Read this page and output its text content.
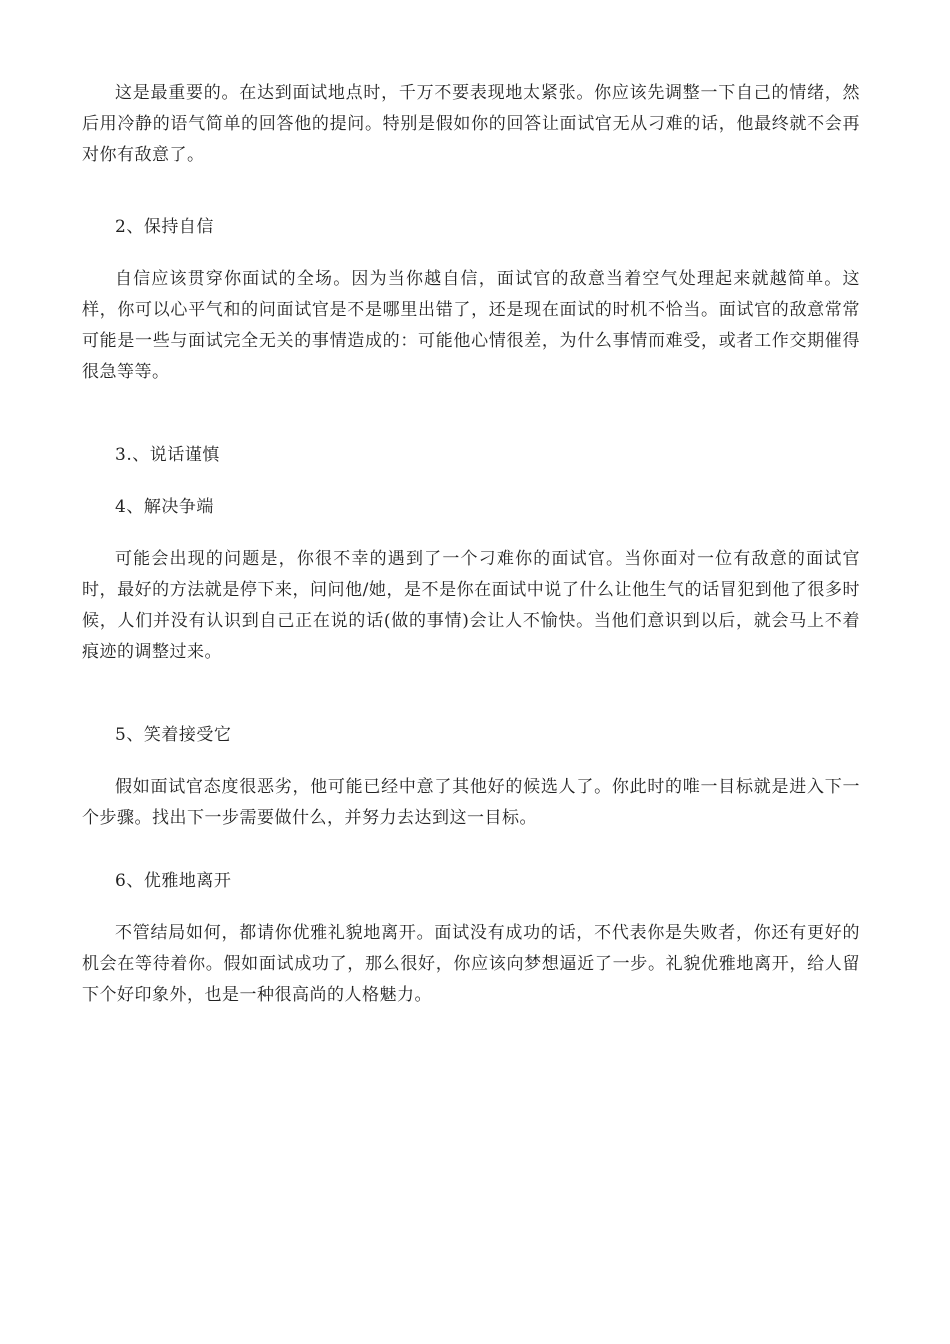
这是最重要的。在达到面试地点时，千万不要表现地太紧张。你应该先调整一下自己的情绪，然后用冷静的语气简单的回答他的提问。特别是假如你的回答让面试官无从刁难的话，他最终就不会再对你有敌意了。

2、保持自信

自信应该贯穿你面试的全场。因为当你越自信，面试官的敌意当着空气处理起来就越简单。这样，你可以心平气和的问面试官是不是哪里出错了，还是现在面试的时机不恰当。面试官的敌意常常可能是一些与面试完全无关的事情造成的：可能他心情很差，为什么事情而难受，或者工作交期催得很急等等。

3.、说话谨慎

4、解决争端

可能会出现的问题是，你很不幸的遇到了一个刁难你的面试官。当你面对一位有敌意的面试官时，最好的方法就是停下来，问问他/她，是不是你在面试中说了什么让他生气的话冒犯到他了很多时候，人们并没有认识到自己正在说的话(做的事情)会让人不愉快。当他们意识到以后，就会马上不着痕迹的调整过来。

5、笑着接受它

假如面试官态度很恶劣，他可能已经中意了其他好的候选人了。你此时的唯一目标就是进入下一个步骤。找出下一步需要做什么，并努力去达到这一目标。

6、优雅地离开

不管结局如何，都请你优雅礼貌地离开。面试没有成功的话，不代表你是失败者，你还有更好的机会在等待着你。假如面试成功了，那么很好，你应该向梦想逼近了一步。礼貌优雅地离开，给人留下个好印象外，也是一种很高尚的人格魅力。
